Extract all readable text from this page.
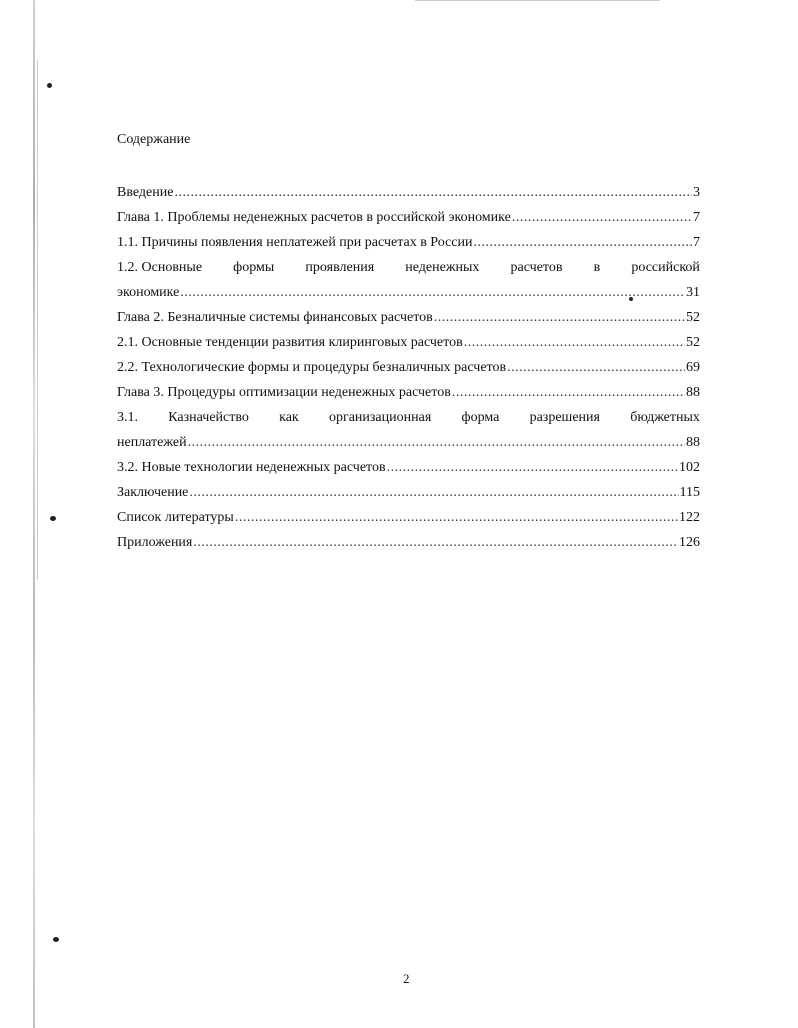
Содержание
Введение .....	3
Глава 1. Проблемы неденежных расчетов в российской экономике .....	7
1.1. Причины появления неплатежей при расчетах в России .....	7
1.2. Основные формы проявления неденежных расчетов в российской
экономике .....	31
Глава 2. Безналичные системы финансовых расчетов .....	52
2.1. Основные тенденции развития клиринговых расчетов .....	52
2.2. Технологические формы и процедуры безналичных расчетов .....	69
Глава 3. Процедуры оптимизации неденежных расчетов .....	88
3.1. Казначейство как организационная форма разрешения бюджетных
неплатежей .....	88
3.2. Новые технологии неденежных расчетов .....	102
Заключение .....	115
Список литературы .....	122
Приложения .....	126
2
